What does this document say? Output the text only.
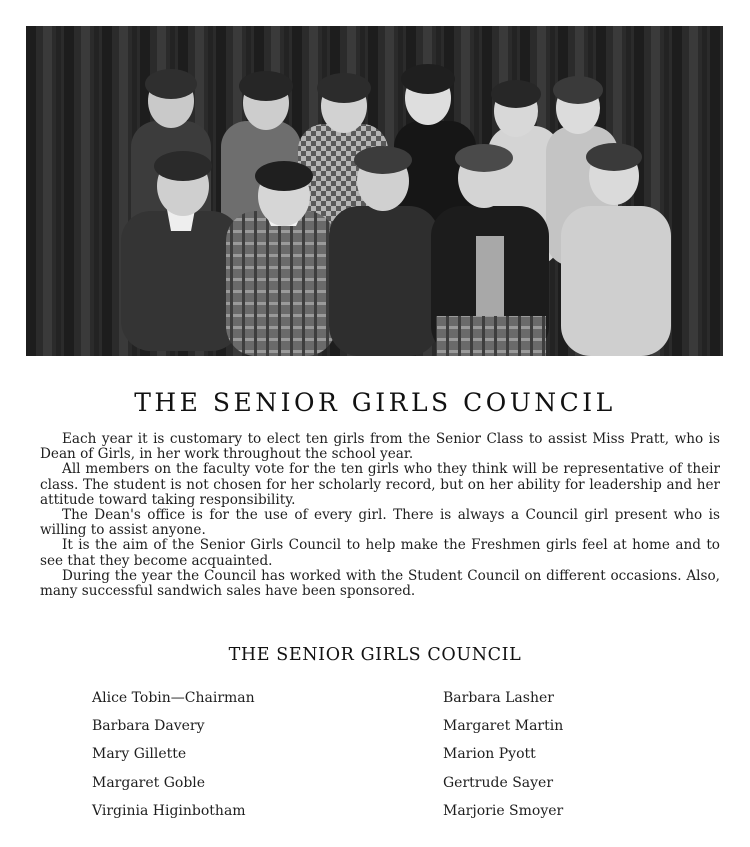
THE SENIOR GIRLS COUNCIL

Each year it is customary to elect ten girls from the Senior Class to assist Miss Pratt, who is Dean of Girls, in her work throughout the school year.

All members on the faculty vote for the ten girls who they think will be representative of their class. The student is not chosen for her scholarly record, but on her ability for leadership and her attitude toward taking responsibility.

The Dean's office is for the use of every girl. There is always a Council girl present who is willing to assist anyone.

It is the aim of the Senior Girls Council to help make the Freshmen girls feel at home and to see that they become acquainted.

During the year the Council has worked with the Student Council on different occasions. Also, many successful sandwich sales have been sponsored.

THE SENIOR GIRLS COUNCIL
Alice Tobin—Chairman
Barbara Davery
Mary Gillette
Margaret Goble
Virginia Higinbotham
Barbara Lasher
Margaret Martin
Marion Pyott
Gertrude Sayer
Marjorie Smoyer
